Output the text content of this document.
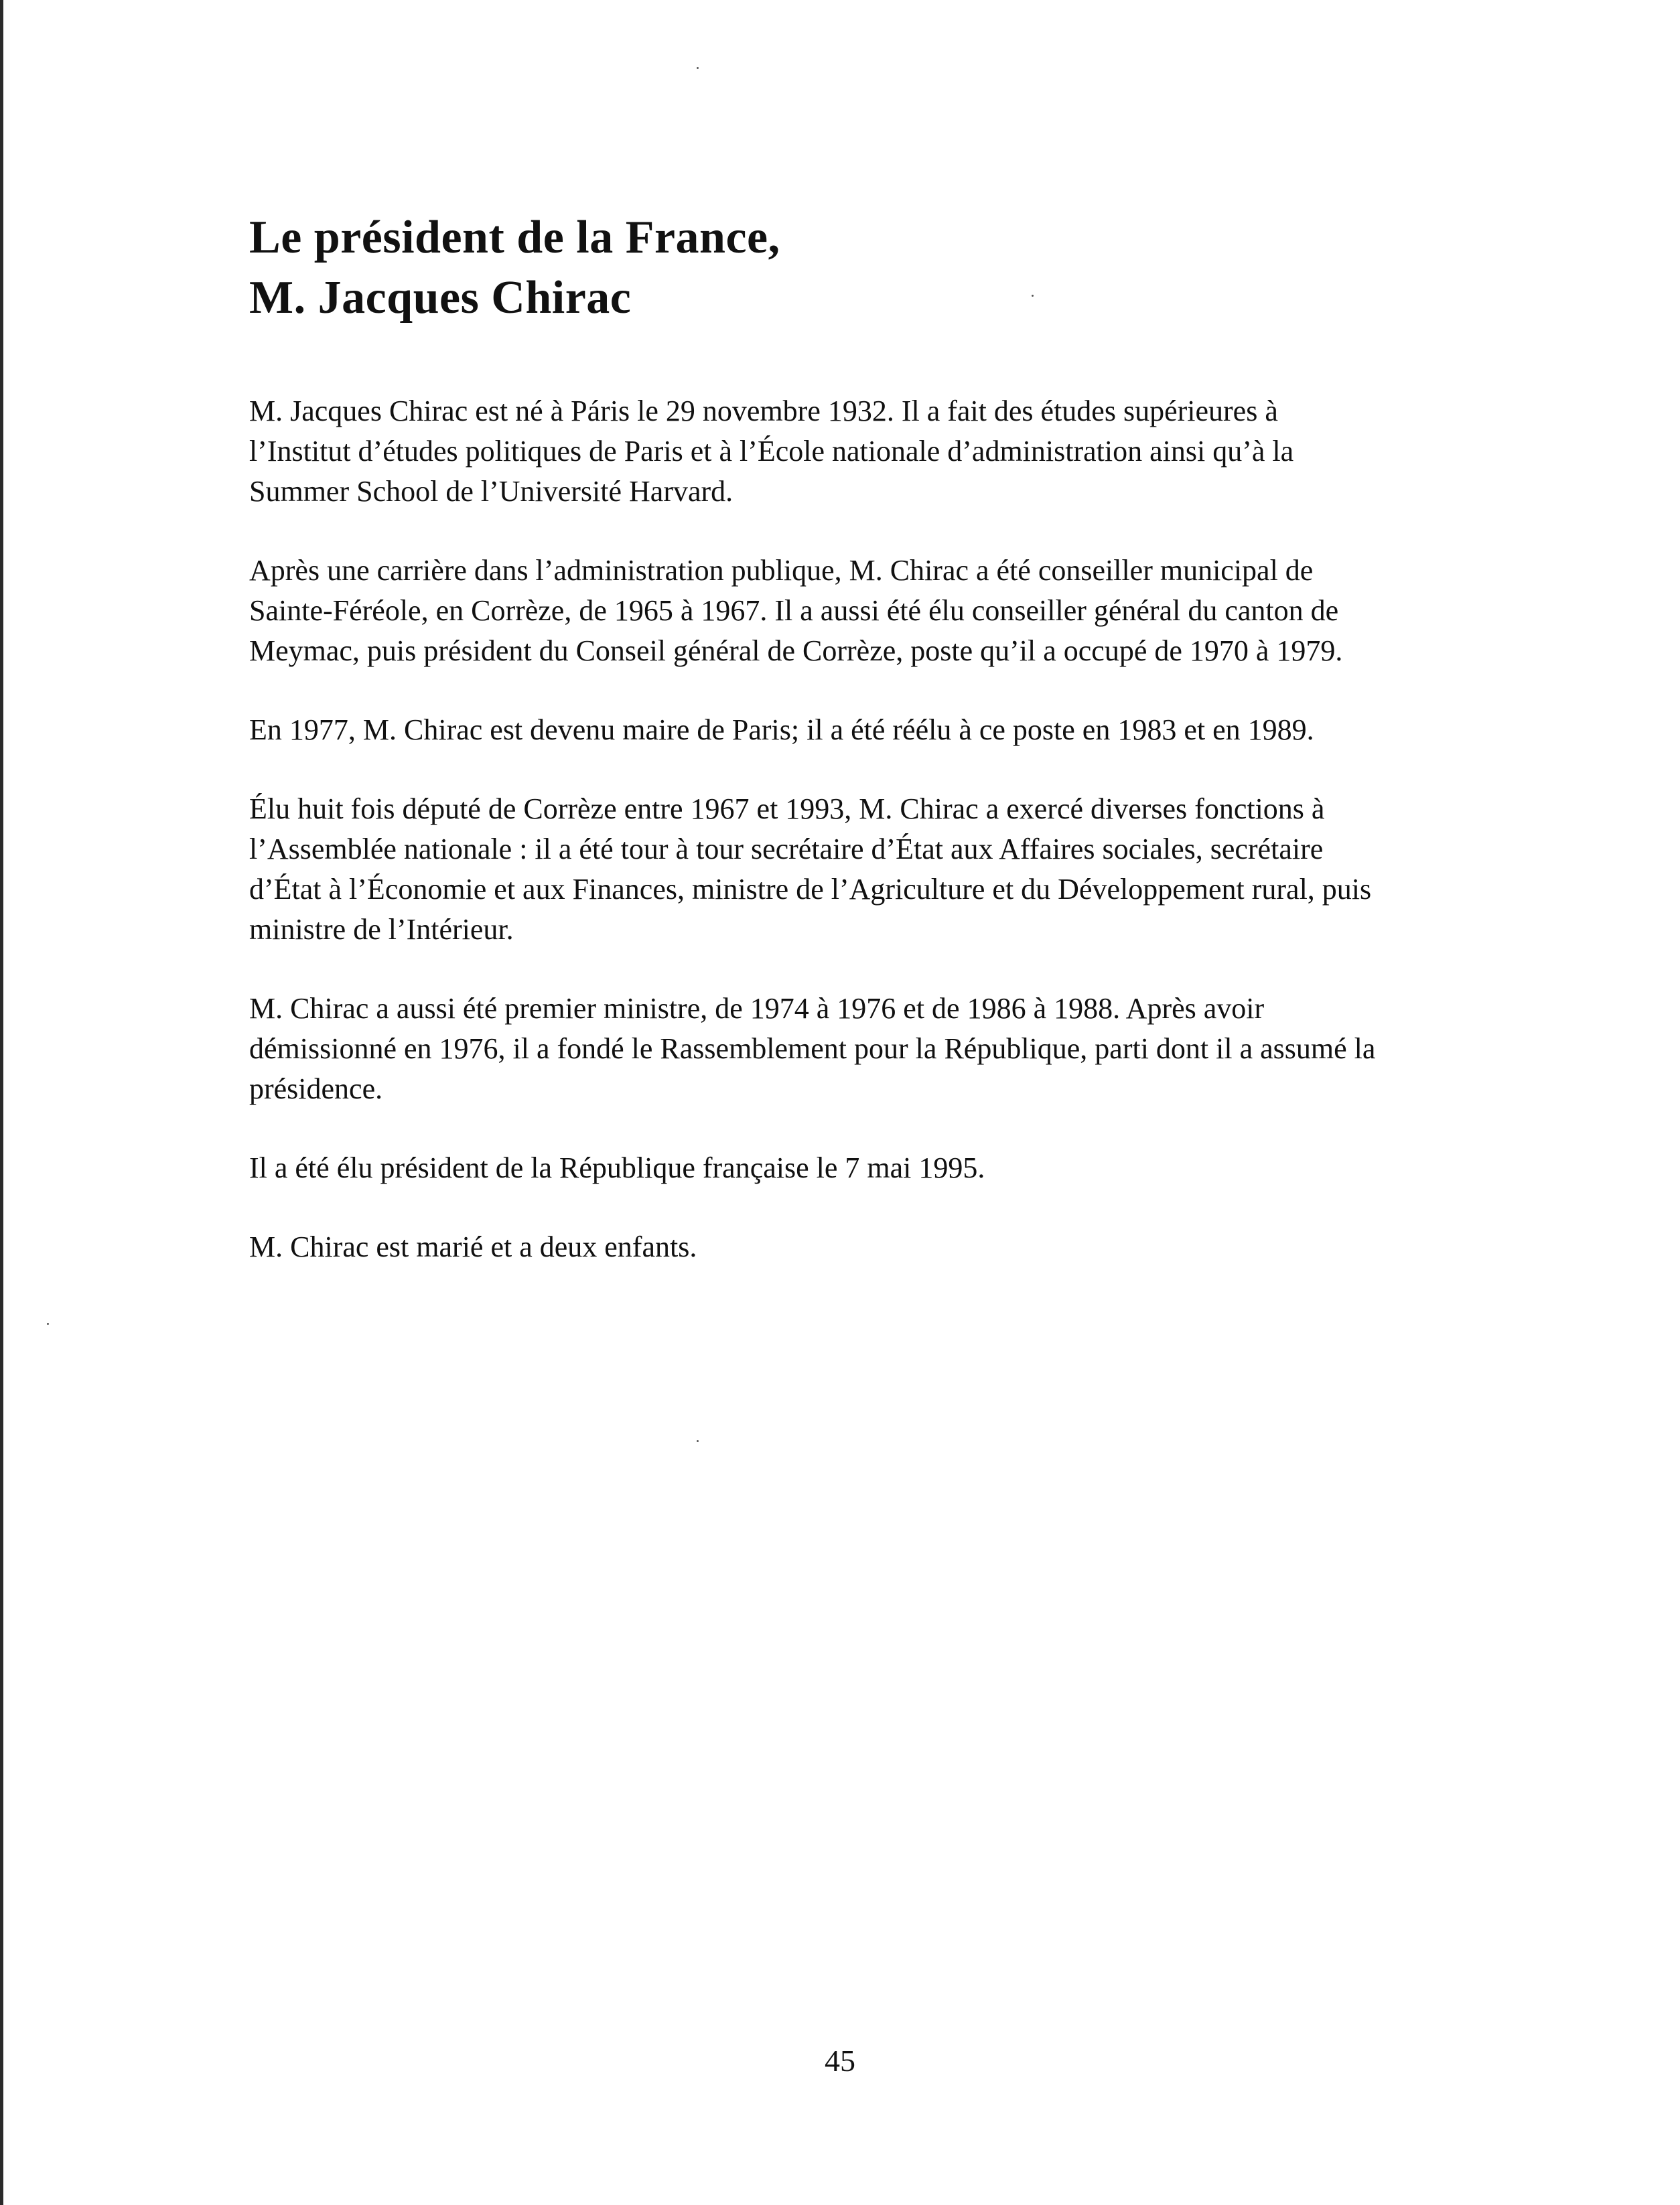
Le président de la France,
M. Jacques Chirac

M. Jacques Chirac est né à Páris le 29 novembre 1932. Il a fait des études supérieures à l’Institut d’études politiques de Paris et à l’École nationale d’administration ainsi qu’à la Summer School de l’Université Harvard.

Après une carrière dans l’administration publique, M. Chirac a été conseiller municipal de Sainte-Féréole, en Corrèze, de 1965 à 1967. Il a aussi été élu conseiller général du canton de Meymac, puis président du Conseil général de Corrèze, poste qu’il a occupé de 1970 à 1979.

En 1977, M. Chirac est devenu maire de Paris; il a été réélu à ce poste en 1983 et en 1989.

Élu huit fois député de Corrèze entre 1967 et 1993, M. Chirac a exercé diverses fonctions à l’Assemblée nationale : il a été tour à tour secrétaire d’État aux Affaires sociales, secrétaire d’État à l’Économie et aux Finances, ministre de l’Agriculture et du Développement rural, puis ministre de l’Intérieur.

M. Chirac a aussi été premier ministre, de 1974 à 1976 et de 1986 à 1988. Après avoir démissionné en 1976, il a fondé le Rassemblement pour la République, parti dont il a assumé la présidence.

Il a été élu président de la République française le 7 mai 1995.

M. Chirac est marié et a deux enfants.

45
